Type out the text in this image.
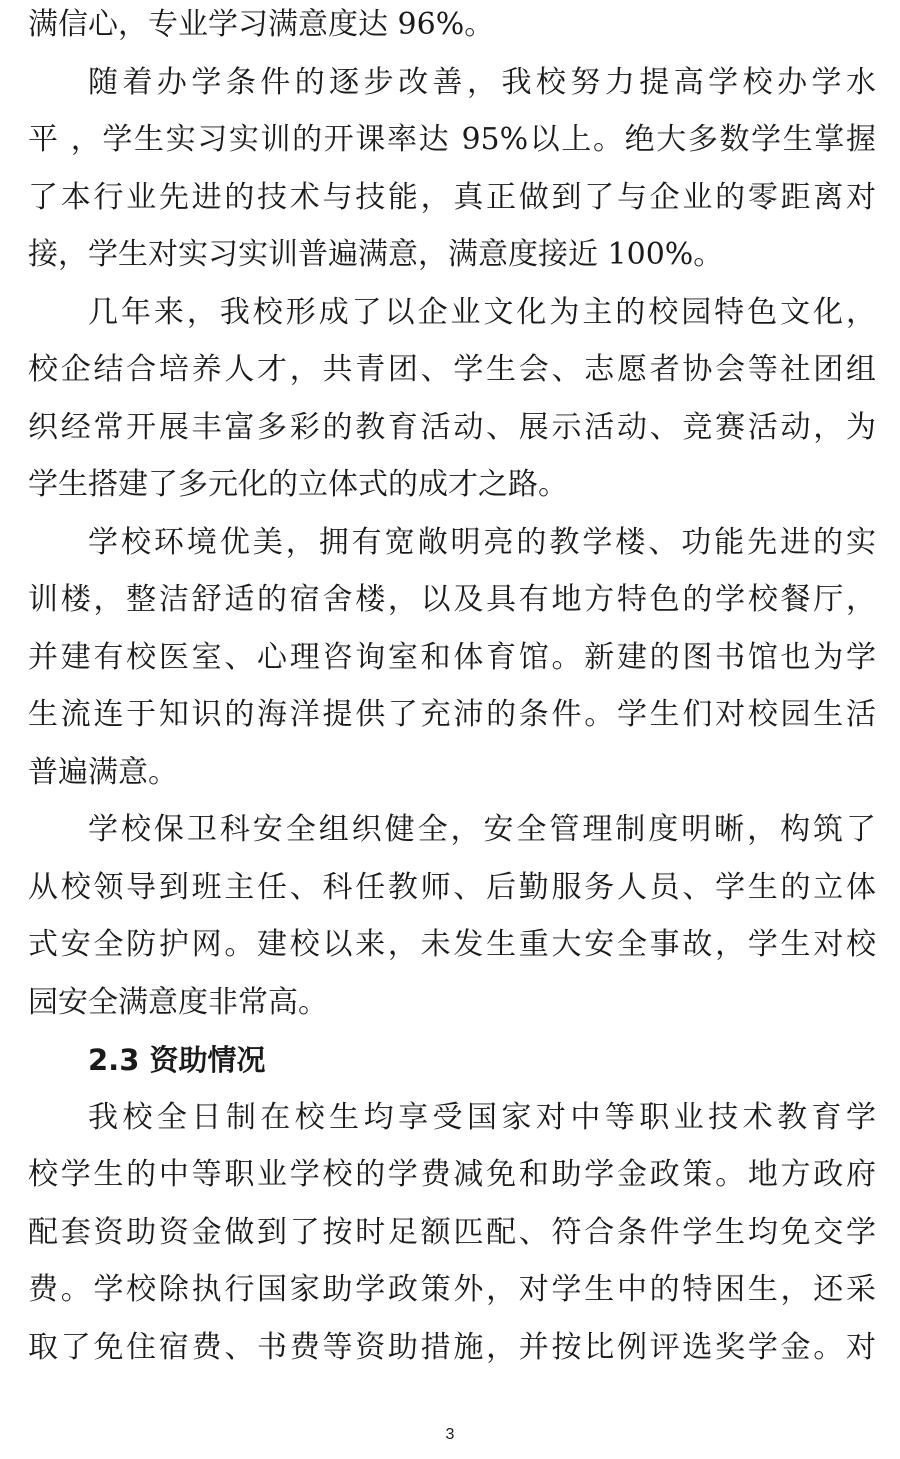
满信心，专业学习满意度达 96%。
随着办学条件的逐步改善，我校努力提高学校办学水
平 ，学生实习实训的开课率达 95%以上。绝大多数学生掌握
了本行业先进的技术与技能，真正做到了与企业的零距离对
接，学生对实习实训普遍满意，满意度接近 100%。
几年来，我校形成了以企业文化为主的校园特色文化，
校企结合培养人才，共青团、学生会、志愿者协会等社团组
织经常开展丰富多彩的教育活动、展示活动、竞赛活动，为
学生搭建了多元化的立体式的成才之路。
学校环境优美，拥有宽敞明亮的教学楼、功能先进的实
训楼，整洁舒适的宿舍楼，以及具有地方特色的学校餐厅，
并建有校医室、心理咨询室和体育馆。新建的图书馆也为学
生流连于知识的海洋提供了充沛的条件。学生们对校园生活
普遍满意。
学校保卫科安全组织健全，安全管理制度明晰，构筑了
从校领导到班主任、科任教师、后勤服务人员、学生的立体
式安全防护网。建校以来，未发生重大安全事故，学生对校
园安全满意度非常高。
2.3 资助情况
我校全日制在校生均享受国家对中等职业技术教育学
校学生的中等职业学校的学费减免和助学金政策。地方政府
配套资助资金做到了按时足额匹配、符合条件学生均免交学
费。学校除执行国家助学政策外，对学生中的特困生，还采
取了免住宿费、书费等资助措施，并按比例评选奖学金。对
3
